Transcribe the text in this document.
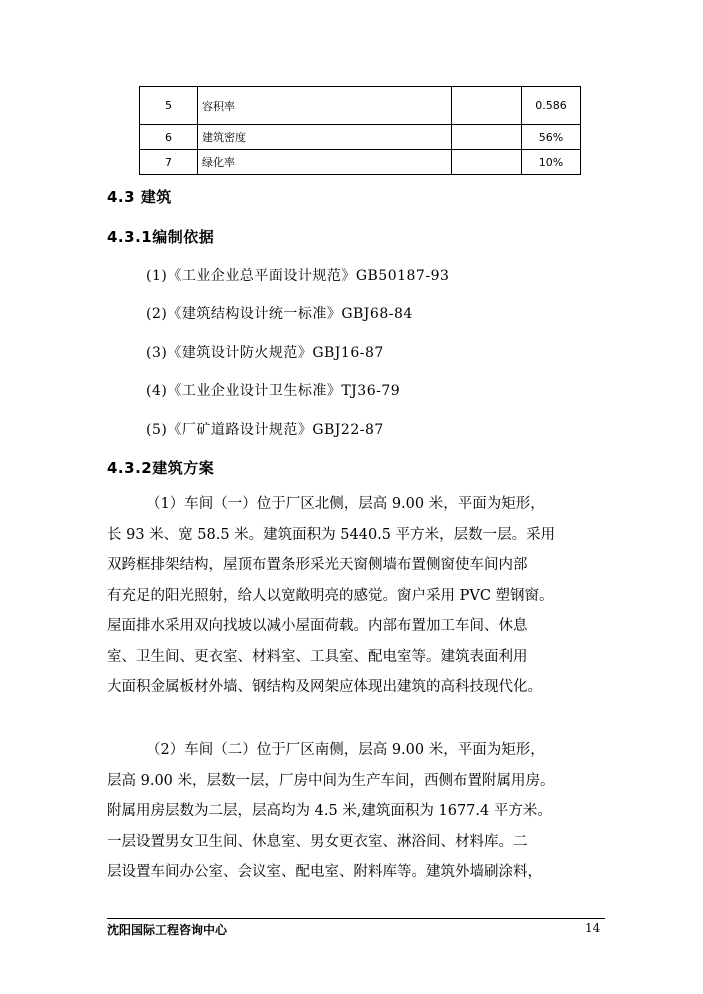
5	容积率		0.586
6	建筑密度		56%
7	绿化率		10%
4.3 建筑
4.3.1编制依据
(1)《工业企业总平面设计规范》GB50187-93
(2)《建筑结构设计统一标准》GBJ68-84
(3)《建筑设计防火规范》GBJ16-87
(4)《工业企业设计卫生标准》TJ36-79
(5)《厂矿道路设计规范》GBJ22-87
4.3.2建筑方案
（1）车间（一）位于厂区北侧，层高 9.00 米，平面为矩形，
长 93 米、宽 58.5 米。建筑面积为 5440.5 平方米，层数一层。采用
双跨框排架结构，屋顶布置条形采光天窗侧墙布置侧窗使车间内部
有充足的阳光照射，给人以宽敞明亮的感觉。窗户采用 PVC 塑钢窗。
屋面排水采用双向找坡以减小屋面荷载。内部布置加工车间、休息
室、卫生间、更衣室、材料室、工具室、配电室等。建筑表面利用
大面积金属板材外墙、钢结构及网架应体现出建筑的高科技现代化。
（2）车间（二）位于厂区南侧，层高 9.00 米，平面为矩形，
层高 9.00 米，层数一层，厂房中间为生产车间，西侧布置附属用房。
附属用房层数为二层，层高均为 4.5 米,建筑面积为 1677.4 平方米。
一层设置男女卫生间、休息室、男女更衣室、淋浴间、材料库。二
层设置车间办公室、会议室、配电室、附料库等。建筑外墙刷涂料，
沈阳国际工程咨询中心	14
